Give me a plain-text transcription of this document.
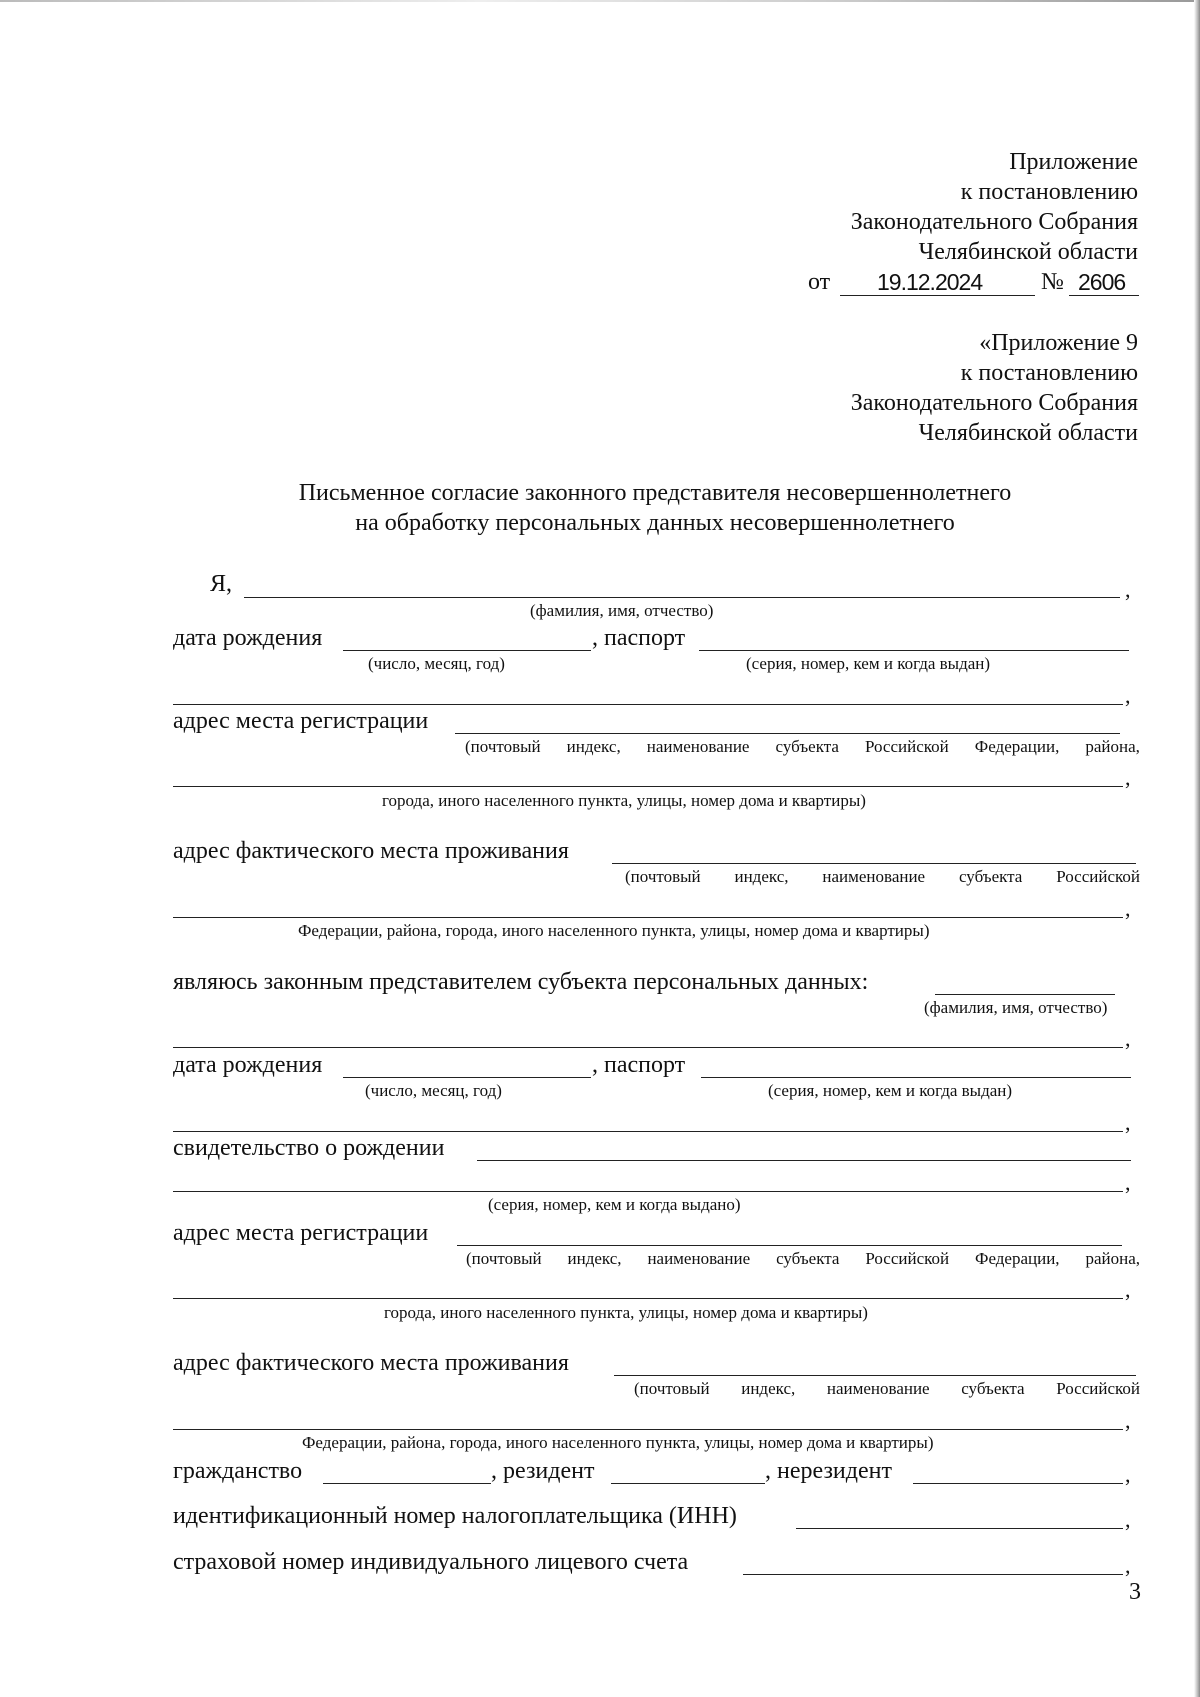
Приложение
к постановлению
Законодательного Собрания
Челябинской области
от 19.12.2024 № 2606
«Приложение 9
к постановлению
Законодательного Собрания
Челябинской области
Письменное согласие законного представителя несовершеннолетнего
на обработку персональных данных несовершеннолетнего
Я,	,
(фамилия, имя, отчество)
дата рождения	, паспорт
(число, месяц, год)	(серия, номер, кем и когда выдан)
,
адрес места регистрации
(почтовый индекс, наименование субъекта Российской Федерации, района,
,
города, иного населенного пункта, улицы, номер дома и квартиры)
адрес фактического места проживания
(почтовый индекс, наименование субъекта Российской
,
Федерации, района, города, иного населенного пункта, улицы, номер дома и квартиры)
являюсь законным представителем субъекта персональных данных:
(фамилия, имя, отчество)
,
дата рождения	, паспорт
(число, месяц, год)	(серия, номер, кем и когда выдан)
,
свидетельство о рождении
,
(серия, номер, кем и когда выдано)
адрес места регистрации
(почтовый индекс, наименование субъекта Российской Федерации, района,
,
города, иного населенного пункта, улицы, номер дома и квартиры)
адрес фактического места проживания
(почтовый индекс, наименование субъекта Российской
,
Федерации, района, города, иного населенного пункта, улицы, номер дома и квартиры)
гражданство	, резидент	, нерезидент	,
идентификационный номер налогоплательщика (ИНН)	,
страховой номер индивидуального лицевого счета	,
3
